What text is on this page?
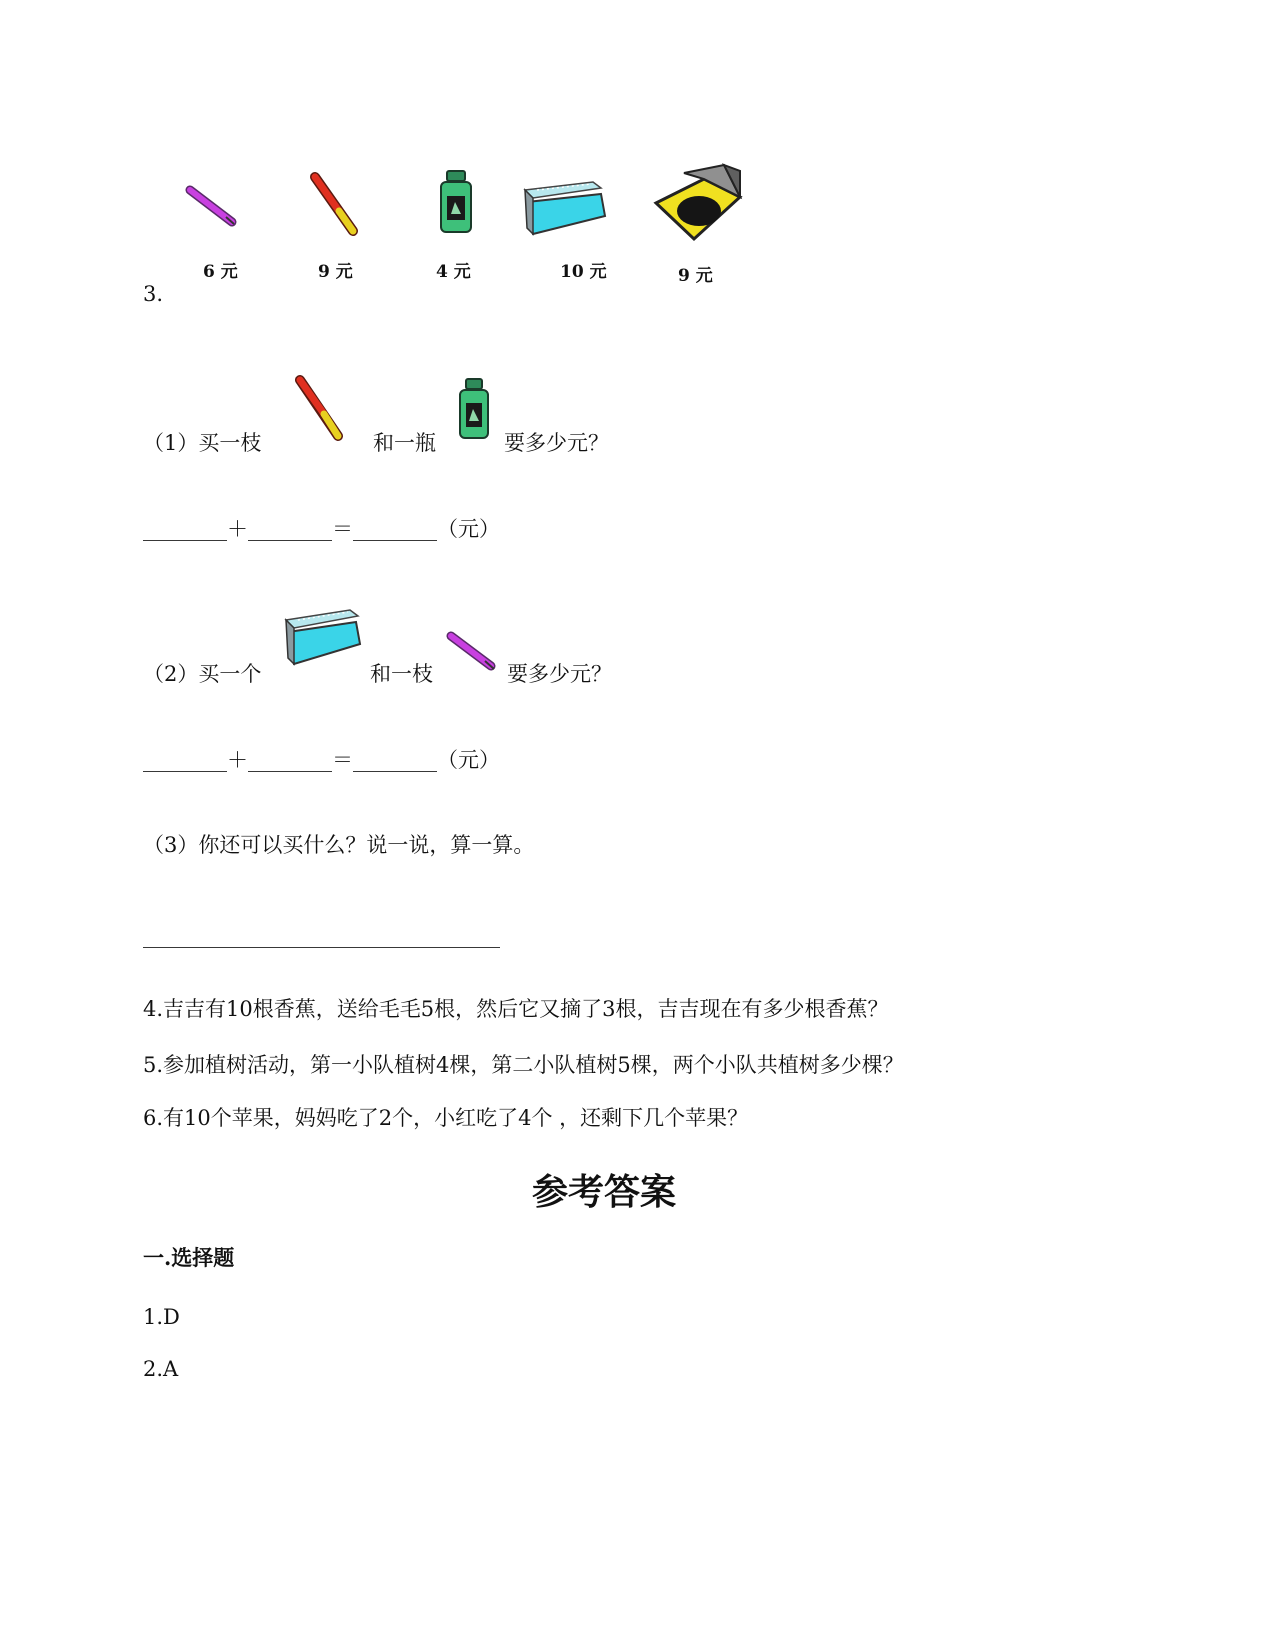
6 元	9 元	4 元	10 元	9 元
3.
（1）买一枝	和一瓶	要多少元？
________＋________＝________（元）
（2）买一个	和一枝	要多少元？
________＋________＝________（元）
（3）你还可以买什么？说一说，算一算。
__________________________________
4.吉吉有10根香蕉，送给毛毛5根，然后它又摘了3根，吉吉现在有多少根香蕉？
5.参加植树活动，第一小队植树4棵，第二小队植树5棵，两个小队共植树多少棵？
6.有10个苹果，妈妈吃了2个，小红吃了4个 ，还剩下几个苹果？
参考答案
一.选择题
1.D
2.A
